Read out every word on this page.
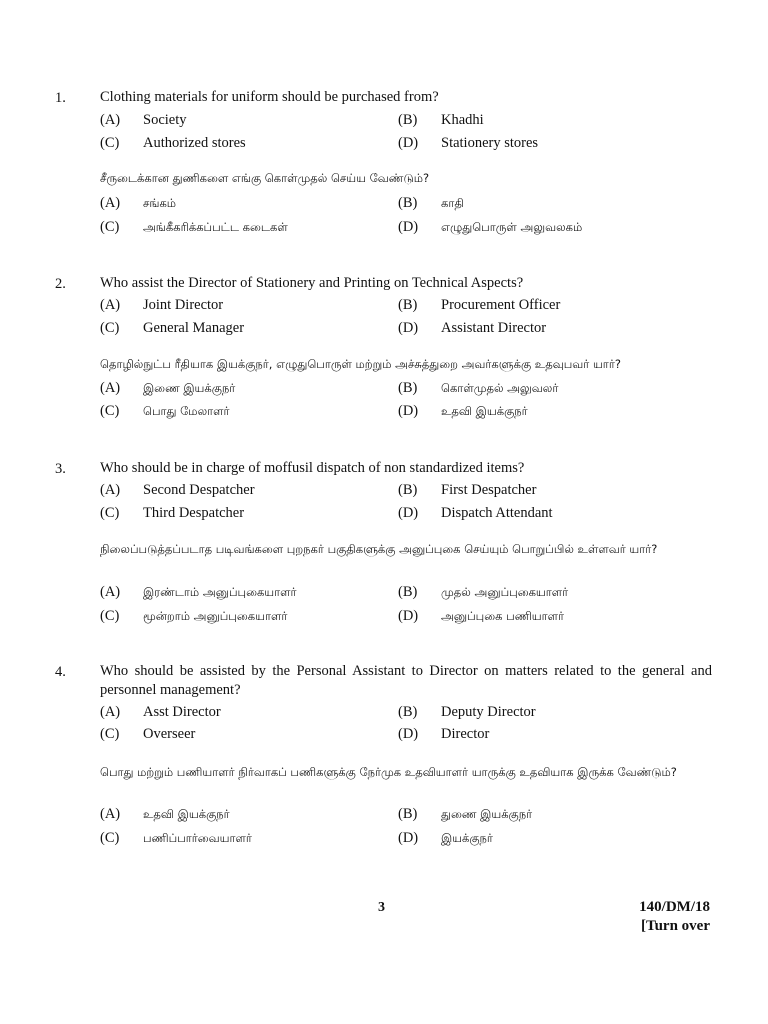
1. Clothing materials for uniform should be purchased from?
(A) Society	(B) Khadhi
(C) Authorized stores	(D) Stationery stores
சீருடைக்கான துணிகளை எங்கு கொள்முதல் செய்ய வேண்டும்?
(A) சங்கம்	(B) காதி
(C) அங்கீகரிக்கப்பட்ட கடைகள்	(D) எழுதுபொருள் அலுவலகம்
2. Who assist the Director of Stationery and Printing on Technical Aspects?
(A) Joint Director	(B) Procurement Officer
(C) General Manager	(D) Assistant Director
தொழில்நுட்ப ரீதியாக இயக்குநர், எழுதுபொருள் மற்றும் அச்சுத்துறை அவர்களுக்கு உதவுபவர் யார்?
(A) இணை இயக்குநர்	(B) கொள்முதல் அலுவலர்
(C) பொது மேலாளர்	(D) உதவி இயக்குநர்
3. Who should be in charge of moffusil dispatch of non standardized items?
(A) Second Despatcher	(B) First Despatcher
(C) Third Despatcher	(D) Dispatch Attendant
நிலைப்படுத்தப்படாத படிவங்களை புறநகர் பகுதிகளுக்கு அனுப்புகை செய்யும் பொறுப்பில் உள்ளவர் யார்?
(A) இரண்டாம் அனுப்புகையாளர்	(B) முதல் அனுப்புகையாளர்
(C) மூன்றாம் அனுப்புகையாளர்	(D) அனுப்புகை பணியாளர்
4. Who should be assisted by the Personal Assistant to Director on matters related to the general and personnel management?
(A) Asst Director	(B) Deputy Director
(C) Overseer	(D) Director
பொது மற்றும் பணியாளர் நிர்வாகப் பணிகளுக்கு நேர்முக உதவியாளர் யாருக்கு உதவியாக இருக்க வேண்டும்?
(A) உதவி இயக்குநர்	(B) துணை இயக்குநர்
(C) பணிப்பார்வையாளர்	(D) இயக்குநர்
3	140/DM/18
[Turn over
